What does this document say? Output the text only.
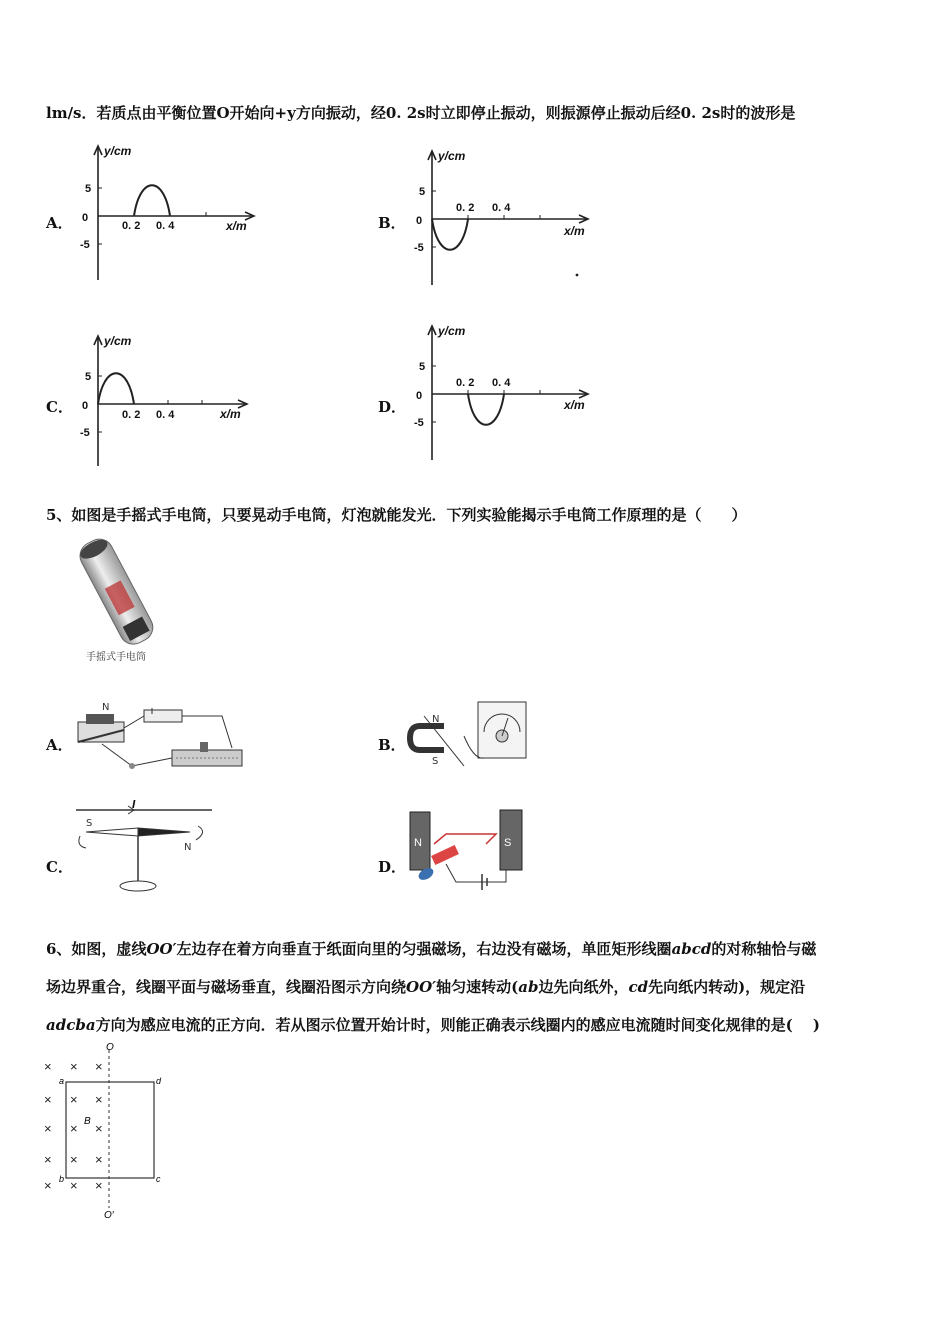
lm/s．若质点由平衡位置O开始向+y方向振动，经0. 2s时立即停止振动，则振源停止振动后经0. 2s时的波形是
A．	B．
C．	D．
y/cm
x/m
0
5
-5
0. 2 0. 4
y/cm
x/m
0
5
-5
0. 2 0. 4
y/cm
x/m
0
5
-5
0. 2 0. 4
y/cm
x/m
0
5
-5
0. 2 0. 4
5、如图是手摇式手电筒，只要晃动手电筒，灯泡就能发光．下列实验能揭示手电筒工作原理的是（　　）
手摇式手电筒
A．	B．
C．	D．
N
N
S
I
S
N	N	S
6、如图，虚线OO′左边存在着方向垂直于纸面向里的匀强磁场，右边没有磁场，单匝矩形线圈abcd的对称轴恰与磁
场边界重合，线圈平面与磁场垂直，线圈沿图示方向绕OO′轴匀速转动(ab边先向纸外，cd先向纸内转动)，规定沿
adcba方向为感应电流的正方向．若从图示位置开始计时，则能正确表示线圈内的感应电流随时间变化规律的是(　 )
O
O′
a
b	c
d
B
× × ×
× × ×
× × ×
× × ×
× × ×
